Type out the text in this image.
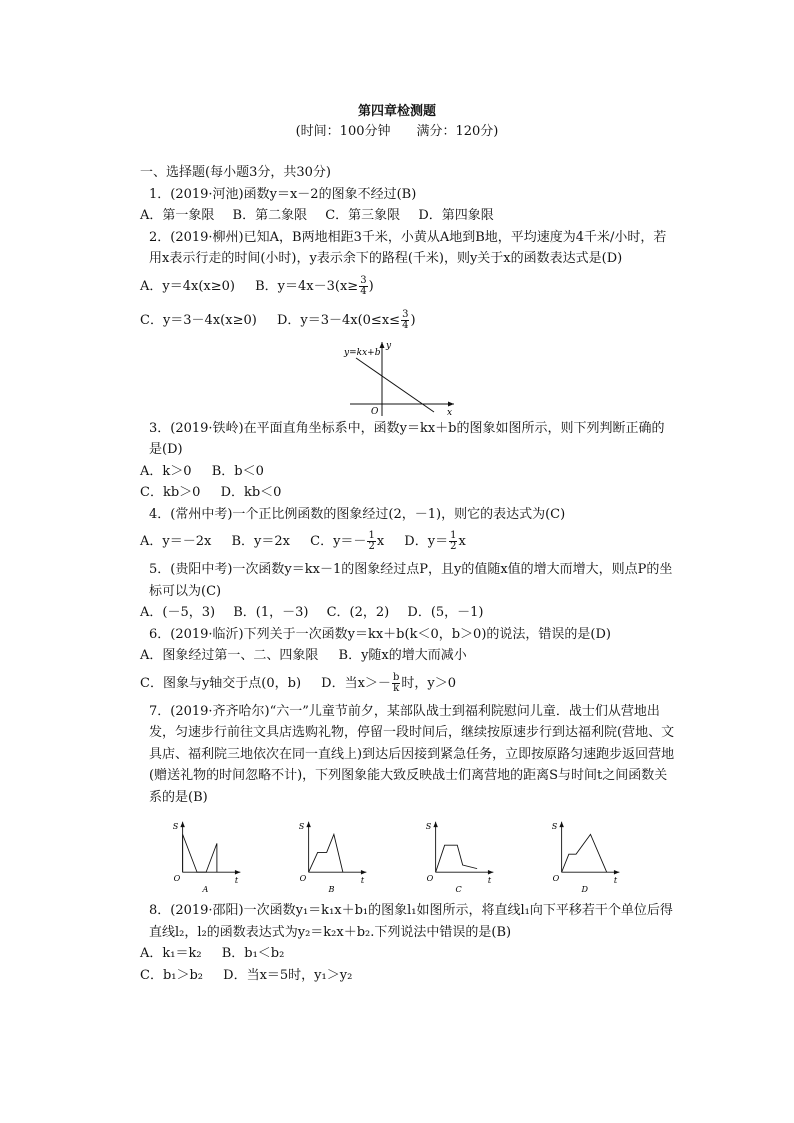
第四章检测题
(时间：100分钟　　满分：120分)
一、选择题(每小题3分，共30分)
1．(2019·河池)函数y＝x－2的图象不经过(B)
A．第一象限 B．第二象限 C．第三象限 D．第四象限
2．(2019·柳州)已知A，B两地相距3千米，小黄从A地到B地，平均速度为4千米/小时，若用x表示行走的时间(小时)，y表示余下的路程(千米)，则y关于x的函数表达式是(D)
A．y＝4x(x≥0) B．$y=4x-3(x\ge \frac{3}{4}$ )
C．y＝3－4x(x≥0) D．$y=3-4x(0\le x\le \frac{3}{4}$ )
y=kx+b
y
x
O
3．(2019·铁岭)在平面直角坐标系中，函数y＝kx＋b的图象如图所示，则下列判断正确的是(D)
A．k＞0 B．b＜0
C．kb＞0 D．kb＜0
4．(常州中考)一个正比例函数的图象经过(2，－1)，则它的表达式为(C)
A．y＝－2x B．y＝2x C．$y=- \frac{1}{2}$ x D．$y= \frac{1}{2}$ x
5．(贵阳中考)一次函数y＝kx－1的图象经过点P，且y的值随x值的增大而增大，则点P的坐标可以为(C)
A．(－5，3) B．(1，－3) C．(2，2) D．(5，－1)
6．(2019·临沂)下列关于一次函数y＝kx＋b(k＜0，b＞0)的说法，错误的是(D)
A．图象经过第一、二、四象限 B．y随x的增大而减小
C．图象与y轴交于点(0，b) D．当$x>- \frac{b}{k}$ 时，y＞0
7．(2019·齐齐哈尔)“六一”儿童节前夕，某部队战士到福利院慰问儿童．战士们从营地出发，匀速步行前往文具店选购礼物，停留一段时间后，继续按原速步行到达福利院(营地、文具店、福利院三地依次在同一直线上)到达后因接到紧急任务，立即按原路匀速跑步返回营地(赠送礼物的时间忽略不计)，下列图象能大致反映战士们离营地的距离S与时间t之间函数关系的是(B)
S
t
O
A
S
t
O
B
S
t
O
C
S
t
O
D
8．(2019·邵阳)一次函数y₁＝k₁x＋b₁的图象l₁如图所示，将直线l₁向下平移若干个单位后得直线l₂，l₂的函数表达式为y₂＝k₂x＋b₂.下列说法中错误的是(B)
A．k₁＝k₂ B．b₁＜b₂
C．b₁＞b₂ D．当x＝5时，y₁＞y₂
